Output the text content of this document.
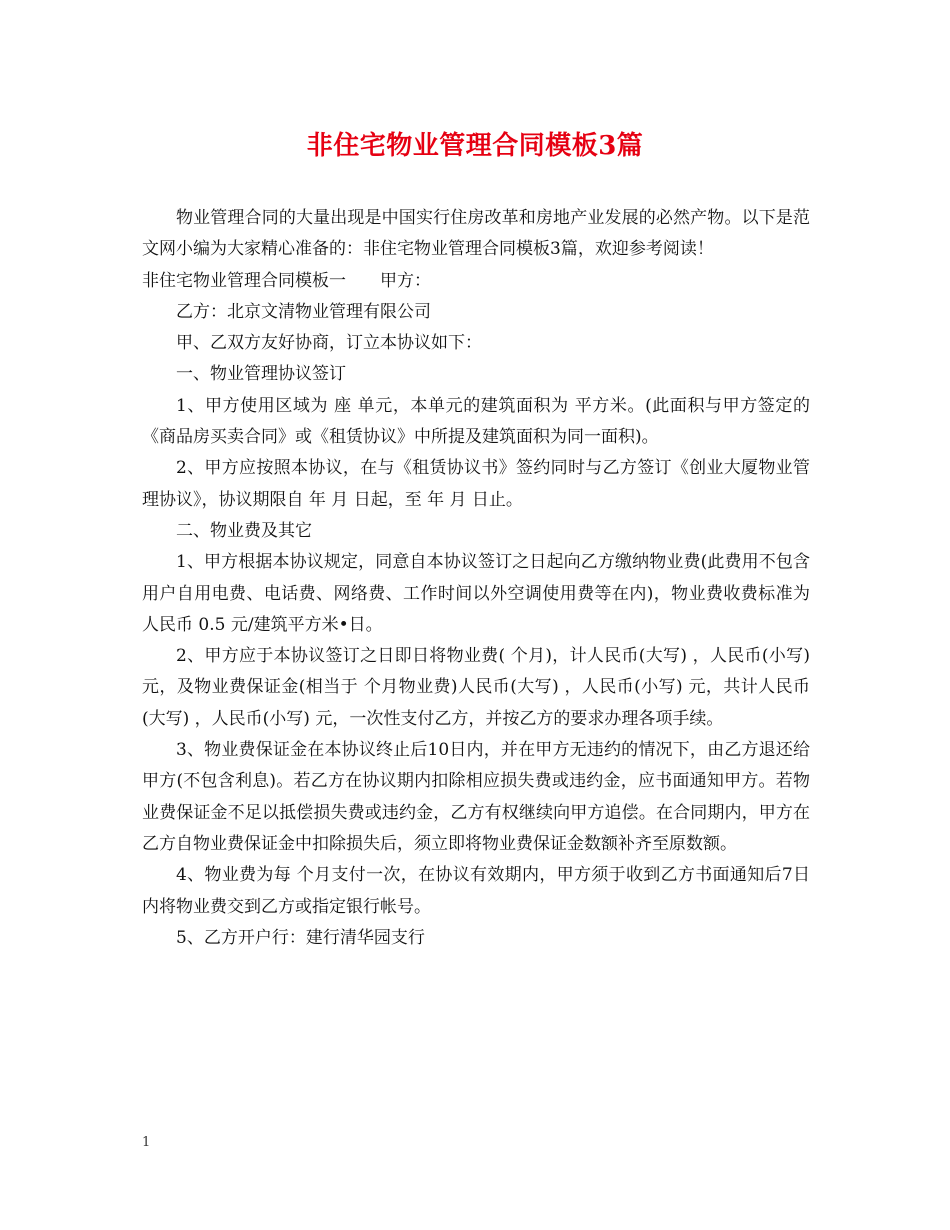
非住宅物业管理合同模板3篇

物业管理合同的大量出现是中国实行住房改革和房地产业发展的必然产物。以下是范文网小编为大家精心准备的：非住宅物业管理合同模板3篇，欢迎参考阅读！

非住宅物业管理合同模板一　　甲方：

乙方：北京文清物业管理有限公司

甲、乙双方友好协商，订立本协议如下：

一、物业管理协议签订

1、甲方使用区域为 座 单元，本单元的建筑面积为 平方米。(此面积与甲方签定的《商品房买卖合同》或《租赁协议》中所提及建筑面积为同一面积)。

2、甲方应按照本协议，在与《租赁协议书》签约同时与乙方签订《创业大厦物业管理协议》，协议期限自 年 月 日起，至 年 月 日止。

二、物业费及其它

1、甲方根据本协议规定，同意自本协议签订之日起向乙方缴纳物业费(此费用不包含用户自用电费、电话费、网络费、工作时间以外空调使用费等在内)，物业费收费标准为人民币 0.5 元/建筑平方米•日。

2、甲方应于本协议签订之日即日将物业费( 个月)，计人民币(大写) ，人民币(小写) 元，及物业费保证金(相当于 个月物业费)人民币(大写) ，人民币(小写) 元，共计人民币(大写) ，人民币(小写) 元，一次性支付乙方，并按乙方的要求办理各项手续。

3、物业费保证金在本协议终止后10日内，并在甲方无违约的情况下，由乙方退还给甲方(不包含利息)。若乙方在协议期内扣除相应损失费或违约金，应书面通知甲方。若物业费保证金不足以抵偿损失费或违约金，乙方有权继续向甲方追偿。在合同期内，甲方在乙方自物业费保证金中扣除损失后，须立即将物业费保证金数额补齐至原数额。

4、物业费为每 个月支付一次，在协议有效期内，甲方须于收到乙方书面通知后7日内将物业费交到乙方或指定银行帐号。

5、乙方开户行：建行清华园支行

1
